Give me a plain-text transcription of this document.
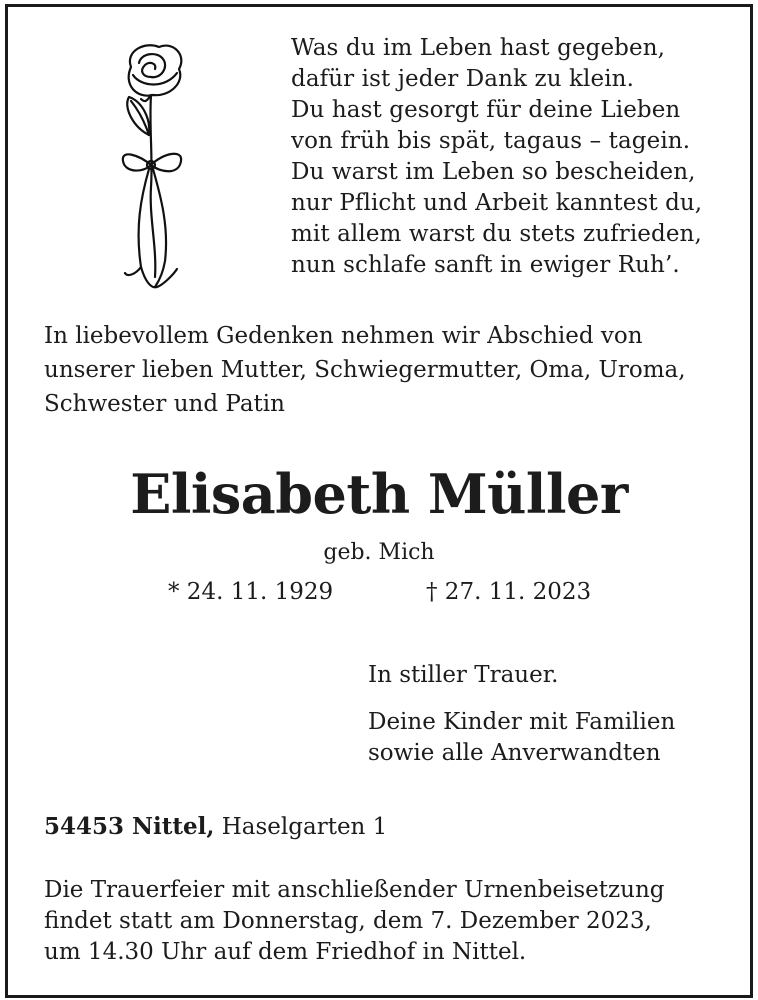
Was du im Leben hast gegeben,
dafür ist jeder Dank zu klein.
Du hast gesorgt für deine Lieben
von früh bis spät, tagaus – tagein.
Du warst im Leben so bescheiden,
nur Pflicht und Arbeit kanntest du,
mit allem warst du stets zufrieden,
nun schlafe sanft in ewiger Ruh’.
In liebevollem Gedenken nehmen wir Abschied von
unserer lieben Mutter, Schwiegermutter, Oma, Uroma,
Schwester und Patin
Elisabeth Müller
geb. Mich
* 24. 11. 1929	† 27. 11. 2023
In stiller Trauer.
Deine Kinder mit Familien
sowie alle Anverwandten
54453 Nittel, Haselgarten 1
Die Trauerfeier mit anschließender Urnenbeisetzung
findet statt am Donnerstag, dem 7. Dezember 2023,
um 14.30 Uhr auf dem Friedhof in Nittel.
